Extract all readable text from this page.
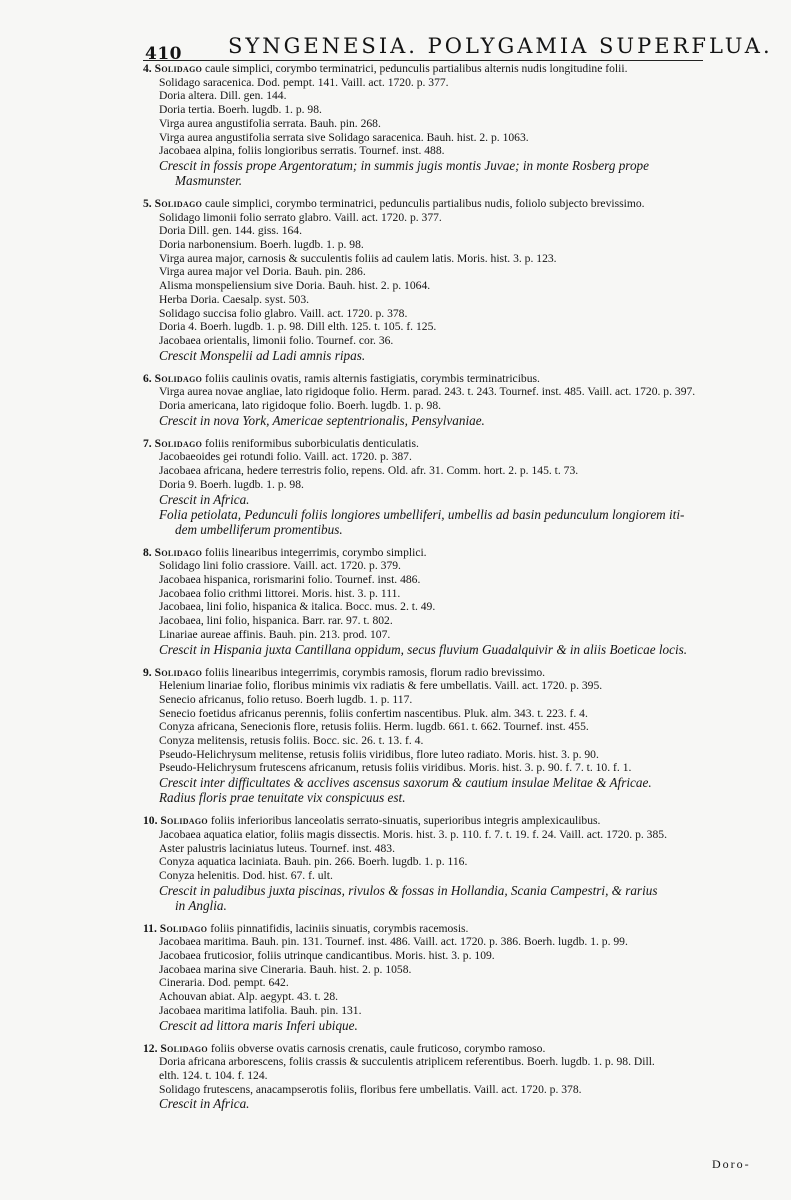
410 SYNGENESIA. POLYGAMIA SUPERFLUA.
4. Solidago caule simplici, corymbo terminatrici, pedunculis partialibus alternis nudis longitudine folii.
Solidago saracenica. Dod. pempt. 141. Vaill. act. 1720. p. 377.
Doria altera. Dill. gen. 144.
Doria tertia. Boerh. lugdb. 1. p. 98.
Virga aurea angustifolia serrata. Bauh. pin. 268.
Virga aurea angustifolia serrata sive Solidago saracenica. Bauh. hist. 2. p. 1063.
Jacobaea alpina, foliis longioribus serratis. Tournef. inst. 488.
Crescit in fossis prope Argentoratum; in summis jugis montis Juvae; in monte Rosberg prope
Masmunster.
5. Solidago caule simplici, corymbo terminatrici, pedunculis partialibus nudis, foliolo subjecto brevissimo.
Solidago limonii folio serrato glabro. Vaill. act. 1720. p. 377.
Doria Dill. gen. 144. giss. 164.
Doria narbonensium. Boerh. lugdb. 1. p. 98.
Virga aurea major, carnosis & succulentis foliis ad caulem latis. Moris. hist. 3. p. 123.
Virga aurea major vel Doria. Bauh. pin. 286.
Alisma monspeliensium sive Doria. Bauh. hist. 2. p. 1064.
Herba Doria. Caesalp. syst. 503.
Solidago succisa folio glabro. Vaill. act. 1720. p. 378.
Doria 4. Boerh. lugdb. 1. p. 98. Dill elth. 125. t. 105. f. 125.
Jacobaea orientalis, limonii folio. Tournef. cor. 36.
Crescit Monspelii ad Ladi amnis ripas.
6. Solidago foliis caulinis ovatis, ramis alternis fastigiatis, corymbis terminatricibus.
Virga aurea novae angliae, lato rigidoque folio. Herm. parad. 243. t. 243. Tournef. inst. 485. Vaill. act. 1720. p. 397.
Doria americana, lato rigidoque folio. Boerh. lugdb. 1. p. 98.
Crescit in nova York, Americae septentrionalis, Pensylvaniae.
7. Solidago foliis reniformibus suborbiculatis denticulatis.
Jacobaeoides gei rotundi folio. Vaill. act. 1720. p. 387.
Jacobaea africana, hedere terrestris folio, repens. Old. afr. 31. Comm. hort. 2. p. 145. t. 73.
Doria 9. Boerh. lugdb. 1. p. 98.
Crescit in Africa.
Folia petiolata, Pedunculi foliis longiores umbelliferi, umbellis ad basin pedunculum longiorem iti-
dem umbelliferum promentibus.
8. Solidago foliis linearibus integerrimis, corymbo simplici.
Solidago lini folio crassiore. Vaill. act. 1720. p. 379.
Jacobaea hispanica, rorismarini folio. Tournef. inst. 486.
Jacobaea folio crithmi littorei. Moris. hist. 3. p. 111.
Jacobaea, lini folio, hispanica & italica. Bocc. mus. 2. t. 49.
Jacobaea, lini folio, hispanica. Barr. rar. 97. t. 802.
Linariae aureae affinis. Bauh. pin. 213. prod. 107.
Crescit in Hispania juxta Cantillana oppidum, secus fluvium Guadalquivir & in aliis Boeticae locis.
9. Solidago foliis linearibus integerrimis, corymbis ramosis, florum radio brevissimo.
Helenium linariae folio, floribus minimis vix radiatis & fere umbellatis. Vaill. act. 1720. p. 395.
Senecio africanus, folio retuso. Boerh lugdb. 1. p. 117.
Senecio foetidus africanus perennis, foliis confertim nascentibus. Pluk. alm. 343. t. 223. f. 4.
Conyza africana, Senecionis flore, retusis foliis. Herm. lugdb. 661. t. 662. Tournef. inst. 455.
Conyza melitensis, retusis foliis. Bocc. sic. 26. t. 13. f. 4.
Pseudo-Helichrysum melitense, retusis foliis viridibus, flore luteo radiato. Moris. hist. 3. p. 90.
Pseudo-Helichrysum frutescens africanum, retusis foliis viridibus. Moris. hist. 3. p. 90. f. 7. t. 10. f. 1.
Crescit inter difficultates & acclives ascensus saxorum & cautium insulae Melitae & Africae.
Radius floris prae tenuitate vix conspicuus est.
10. Solidago foliis inferioribus lanceolatis serrato-sinuatis, superioribus integris amplexicaulibus.
Jacobaea aquatica elatior, foliis magis dissectis. Moris. hist. 3. p. 110. f. 7. t. 19. f. 24. Vaill. act. 1720. p. 385.
Aster palustris laciniatus luteus. Tournef. inst. 483.
Conyza aquatica laciniata. Bauh. pin. 266. Boerh. lugdb. 1. p. 116.
Conyza helenitis. Dod. hist. 67. f. ult.
Crescit in paludibus juxta piscinas, rivulos & fossas in Hollandia, Scania Campestri, & rarius
in Anglia.
11. Solidago foliis pinnatifidis, laciniis sinuatis, corymbis racemosis.
Jacobaea maritima. Bauh. pin. 131. Tournef. inst. 486. Vaill. act. 1720. p. 386. Boerh. lugdb. 1. p. 99.
Jacobaea fruticosior, foliis utrinque candicantibus. Moris. hist. 3. p. 109.
Jacobaea marina sive Cineraria. Bauh. hist. 2. p. 1058.
Cineraria. Dod. pempt. 642.
Achouvan abiat. Alp. aegypt. 43. t. 28.
Jacobaea maritima latifolia. Bauh. pin. 131.
Crescit ad littora maris Inferi ubique.
12. Solidago foliis obverse ovatis carnosis crenatis, caule fruticoso, corymbo ramoso.
Doria africana arborescens, foliis crassis & succulentis atriplicem referentibus. Boerh. lugdb. 1. p. 98. Dill.
elth. 124. t. 104. f. 124.
Solidago frutescens, anacampserotis foliis, floribus fere umbellatis. Vaill. act. 1720. p. 378.
Crescit in Africa.
Doro-
